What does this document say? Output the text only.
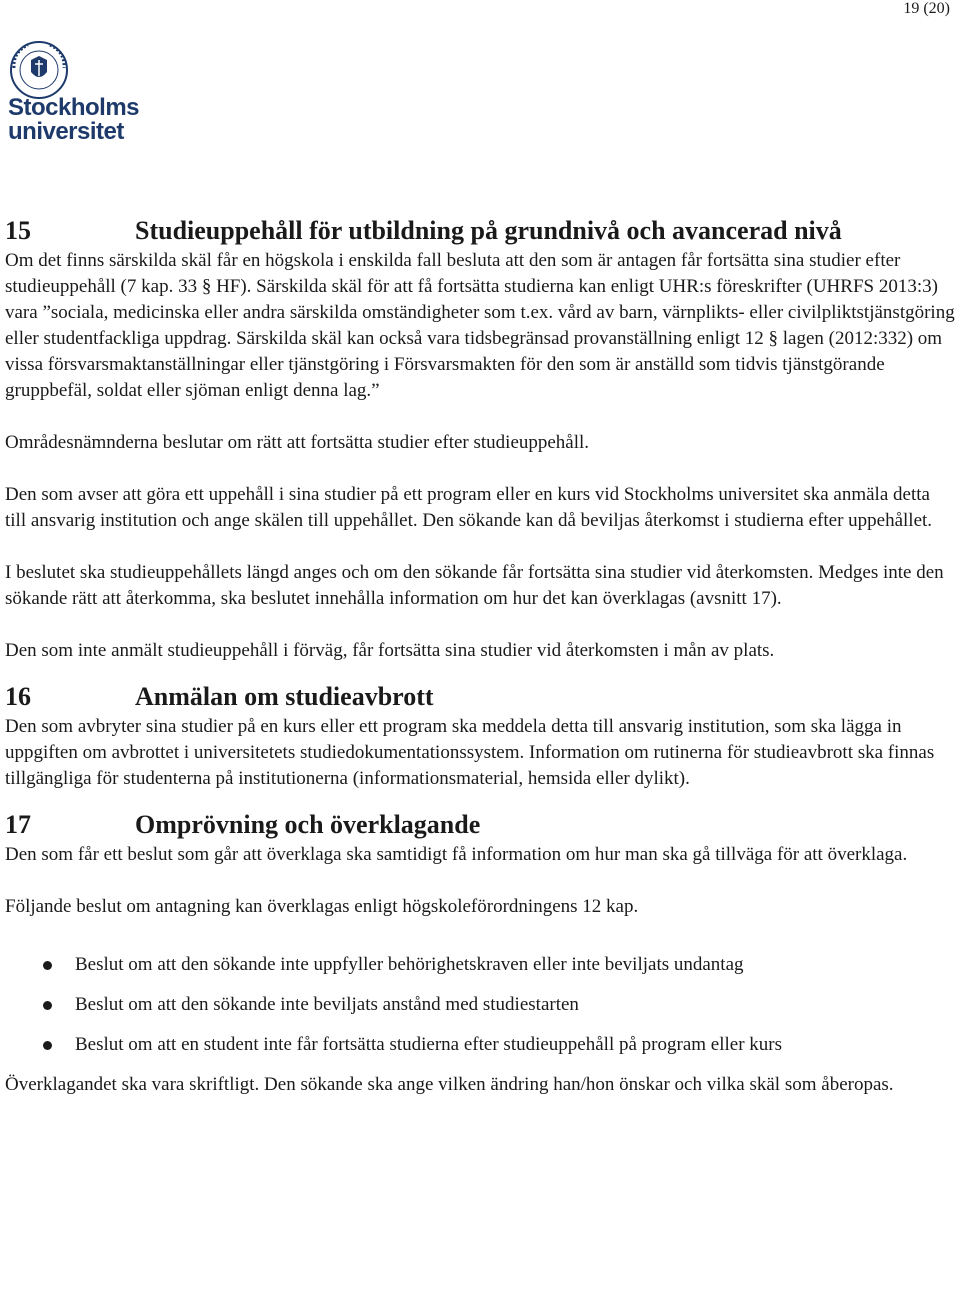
19 (20)
Stockholms
universitet
15	Studieuppehåll för utbildning på grundnivå och avancerad nivå

Om det finns särskilda skäl får en högskola i enskilda fall besluta att den som är antagen får fortsätta sina studier efter studieuppehåll (7 kap. 33 § HF). Särskilda skäl för att få fortsätta studierna kan enligt UHR:s föreskrifter (UHRFS 2013:3) vara ”sociala, medicinska eller andra särskilda omständigheter som t.ex. vård av barn, värnplikts- eller civilpliktstjänstgöring eller studentfackliga uppdrag. Särskilda skäl kan också vara tidsbegränsad provanställning enligt 12 § lagen (2012:332) om vissa försvarsmaktanställningar eller tjänstgöring i Försvarsmakten för den som är anställd som tidvis tjänstgörande gruppbefäl, soldat eller sjöman enligt denna lag.”

Områdesnämnderna beslutar om rätt att fortsätta studier efter studieuppehåll.

Den som avser att göra ett uppehåll i sina studier på ett program eller en kurs vid Stockholms universitet ska anmäla detta till ansvarig institution och ange skälen till uppehållet. Den sökande kan då beviljas återkomst i studierna efter uppehållet.

I beslutet ska studieuppehållets längd anges och om den sökande får fortsätta sina studier vid återkomsten. Medges inte den sökande rätt att återkomma, ska beslutet innehålla information om hur det kan överklagas (avsnitt 17).

Den som inte anmält studieuppehåll i förväg, får fortsätta sina studier vid återkomsten i mån av plats.

16	Anmälan om studieavbrott

Den som avbryter sina studier på en kurs eller ett program ska meddela detta till ansvarig institution, som ska lägga in uppgiften om avbrottet i universitetets studiedokumentationssystem. Information om rutinerna för studieavbrott ska finnas tillgängliga för studenterna på institutionerna (informationsmaterial, hemsida eller dylikt).

17	Omprövning och överklagande

Den som får ett beslut som går att överklaga ska samtidigt få information om hur man ska gå tillväga för att överklaga.

Följande beslut om antagning kan överklagas enligt högskoleförordningens 12 kap.

Beslut om att den sökande inte uppfyller behörighetskraven eller inte beviljats undantag
Beslut om att den sökande inte beviljats anstånd med studiestarten
Beslut om att en student inte får fortsätta studierna efter studieuppehåll på program eller kurs

Överklagandet ska vara skriftligt. Den sökande ska ange vilken ändring han/hon önskar och vilka skäl som åberopas.
